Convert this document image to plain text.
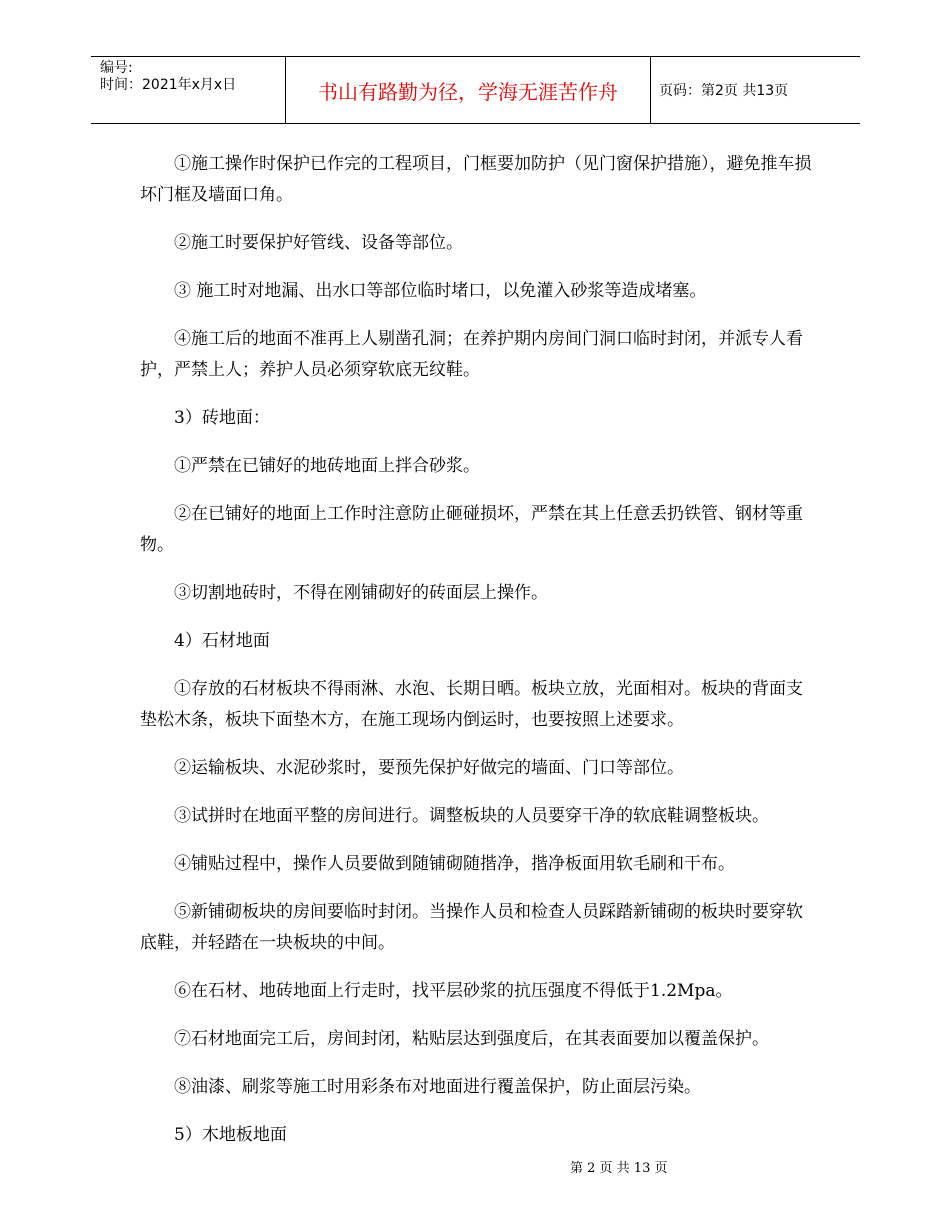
编号:
时间：2021年x月x日	书山有路勤为径，学海无涯苦作舟	页码：第2页 共13页

①施工操作时保护已作完的工程项目，门框要加防护（见门窗保护措施），避免推车损坏门框及墙面口角。

②施工时要保护好管线、设备等部位。

③ 施工时对地漏、出水口等部位临时堵口，以免灌入砂浆等造成堵塞。

④施工后的地面不准再上人剔凿孔洞；在养护期内房间门洞口临时封闭，并派专人看护，严禁上人；养护人员必须穿软底无纹鞋。

3）砖地面：

①严禁在已铺好的地砖地面上拌合砂浆。

②在已铺好的地面上工作时注意防止砸碰损坏，严禁在其上任意丢扔铁管、钢材等重物。

③切割地砖时，不得在刚铺砌好的砖面层上操作。

4）石材地面

①存放的石材板块不得雨淋、水泡、长期日晒。板块立放，光面相对。板块的背面支垫松木条，板块下面垫木方，在施工现场内倒运时，也要按照上述要求。

②运输板块、水泥砂浆时，要预先保护好做完的墙面、门口等部位。

③试拼时在地面平整的房间进行。调整板块的人员要穿干净的软底鞋调整板块。

④铺贴过程中，操作人员要做到随铺砌随揩净，揩净板面用软毛刷和干布。

⑤新铺砌板块的房间要临时封闭。当操作人员和检查人员踩踏新铺砌的板块时要穿软底鞋，并轻踏在一块板块的中间。

⑥在石材、地砖地面上行走时，找平层砂浆的抗压强度不得低于1.2Mpa。

⑦石材地面完工后，房间封闭，粘贴层达到强度后，在其表面要加以覆盖保护。

⑧油漆、刷浆等施工时用彩条布对地面进行覆盖保护，防止面层污染。

5）木地板地面

第 2 页 共 13 页
